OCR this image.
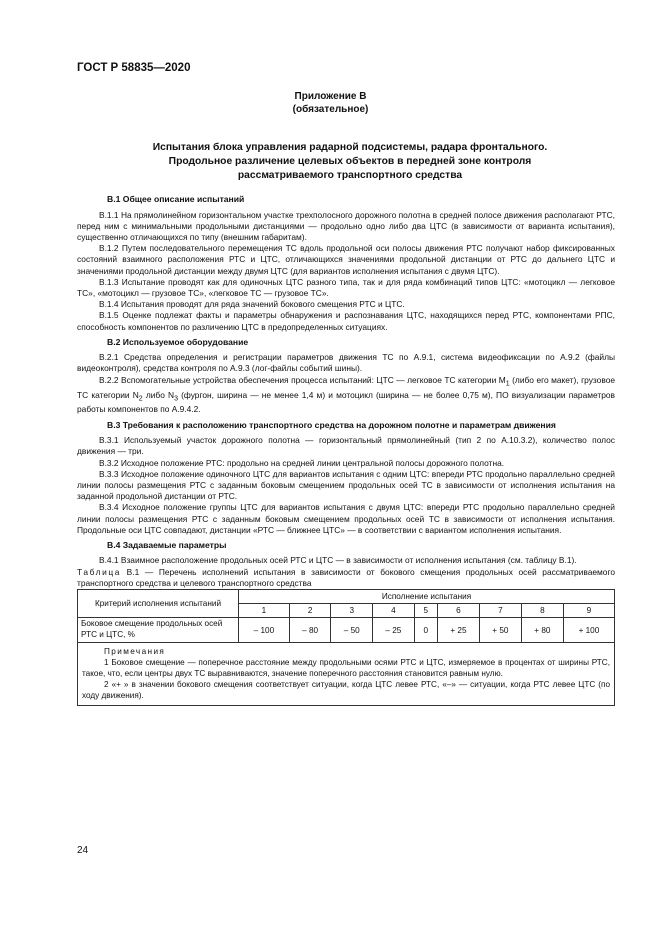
ГОСТ Р 58835—2020
Приложение В
(обязательное)
Испытания блока управления радарной подсистемы, радара фронтального. Продольное различение целевых объектов в передней зоне контроля рассматриваемого транспортного средства
В.1 Общее описание испытаний

В.1.1 На прямолинейном горизонтальном участке трехполосного дорожного полотна в средней полосе движения располагают РТС, перед ним с минимальными продольными дистанциями — продольно одно либо два ЦТС (в зависимости от варианта испытания), существенно отличающихся по типу (внешним габаритам).

В.1.2 Путем последовательного перемещения ТС вдоль продольной оси полосы движения РТС получают набор фиксированных состояний взаимного расположения РТС и ЦТС, отличающихся значениями продольной дистанции от РТС до дальнего ЦТС и значениями продольной дистанции между двумя ЦТС (для вариантов исполнения испытания с двумя ЦТС).

В.1.3 Испытание проводят как для одиночных ЦТС разного типа, так и для ряда комбинаций типов ЦТС: «мотоцикл — легковое ТС», «мотоцикл — грузовое ТС», «легковое ТС — грузовое ТС».

В.1.4 Испытания проводят для ряда значений бокового смещения РТС и ЦТС.

В.1.5 Оценке подлежат факты и параметры обнаружения и распознавания ЦТС, находящихся перед РТС, компонентами РПС, способность компонентов по различению ЦТС в предопределенных ситуациях.

В.2 Используемое оборудование

В.2.1 Средства определения и регистрации параметров движения ТС по А.9.1, система видеофиксации по А.9.2 (файлы видеоконтроля), средства контроля по А.9.3 (лог-файлы событий шины).

В.2.2 Вспомогательные устройства обеспечения процесса испытаний: ЦТС — легковое ТС категории $М_1$ (либо его макет), грузовое ТС категории $N_2$ либо $N_3$ (фургон, ширина — не менее 1,4 м) и мотоцикл (ширина — не более 0,75 м), ПО визуализации параметров работы компонентов по А.9.4.2.

В.3 Требования к расположению транспортного средства на дорожном полотне и параметрам движения

В.3.1 Используемый участок дорожного полотна — горизонтальный прямолинейный (тип 2 по А.10.3.2), количество полос движения — три.

В.3.2 Исходное положение РТС: продольно на средней линии центральной полосы дорожного полотна.

В.3.3 Исходное положение одиночного ЦТС для вариантов испытания с одним ЦТС: впереди РТС продольно параллельно средней линии полосы размещения РТС с заданным боковым смещением продольных осей ТС в зависимости от исполнения испытания на заданной продольной дистанции от РТС.

В.3.4 Исходное положение группы ЦТС для вариантов испытания с двумя ЦТС: впереди РТС продольно параллельно средней линии полосы размещения РТС с заданным боковым смещением продольных осей ТС в зависимости от исполнения испытания. Продольные оси ЦТС совпадают, дистанции «РТС — ближнее ЦТС» — в соответствии с вариантом исполнения испытания.

В.4 Задаваемые параметры

В.4.1 Взаимное расположение продольных осей РТС и ЦТС — в зависимости от исполнения испытания (см. таблицу В.1).

Таблица В.1 — Перечень исполнений испытания в зависимости от бокового смещения продольных осей рассматриваемого транспортного средства и целевого транспортного средства

Критерий исполнения испытаний	Исполнение испытания								
	1	2	3	4	5	6	7	8	9
Боковое смещение продольных осей РТС и ЦТС, %	– 100	– 80	– 50	– 25	0	+ 25	+ 50	+ 80	+ 100

Примечания

1 Боковое смещение — поперечное расстояние между продольными осями РТС и ЦТС, измеряемое в процентах от ширины РТС, такое, что, если центры двух ТС выравниваются, значение поперечного расстояния становится равным нулю.

2 «+ » в значении бокового смещения соответствует ситуации, когда ЦТС левее РТС, «–» — ситуации, когда РТС левее ЦТС (по ходу движения).									

24
